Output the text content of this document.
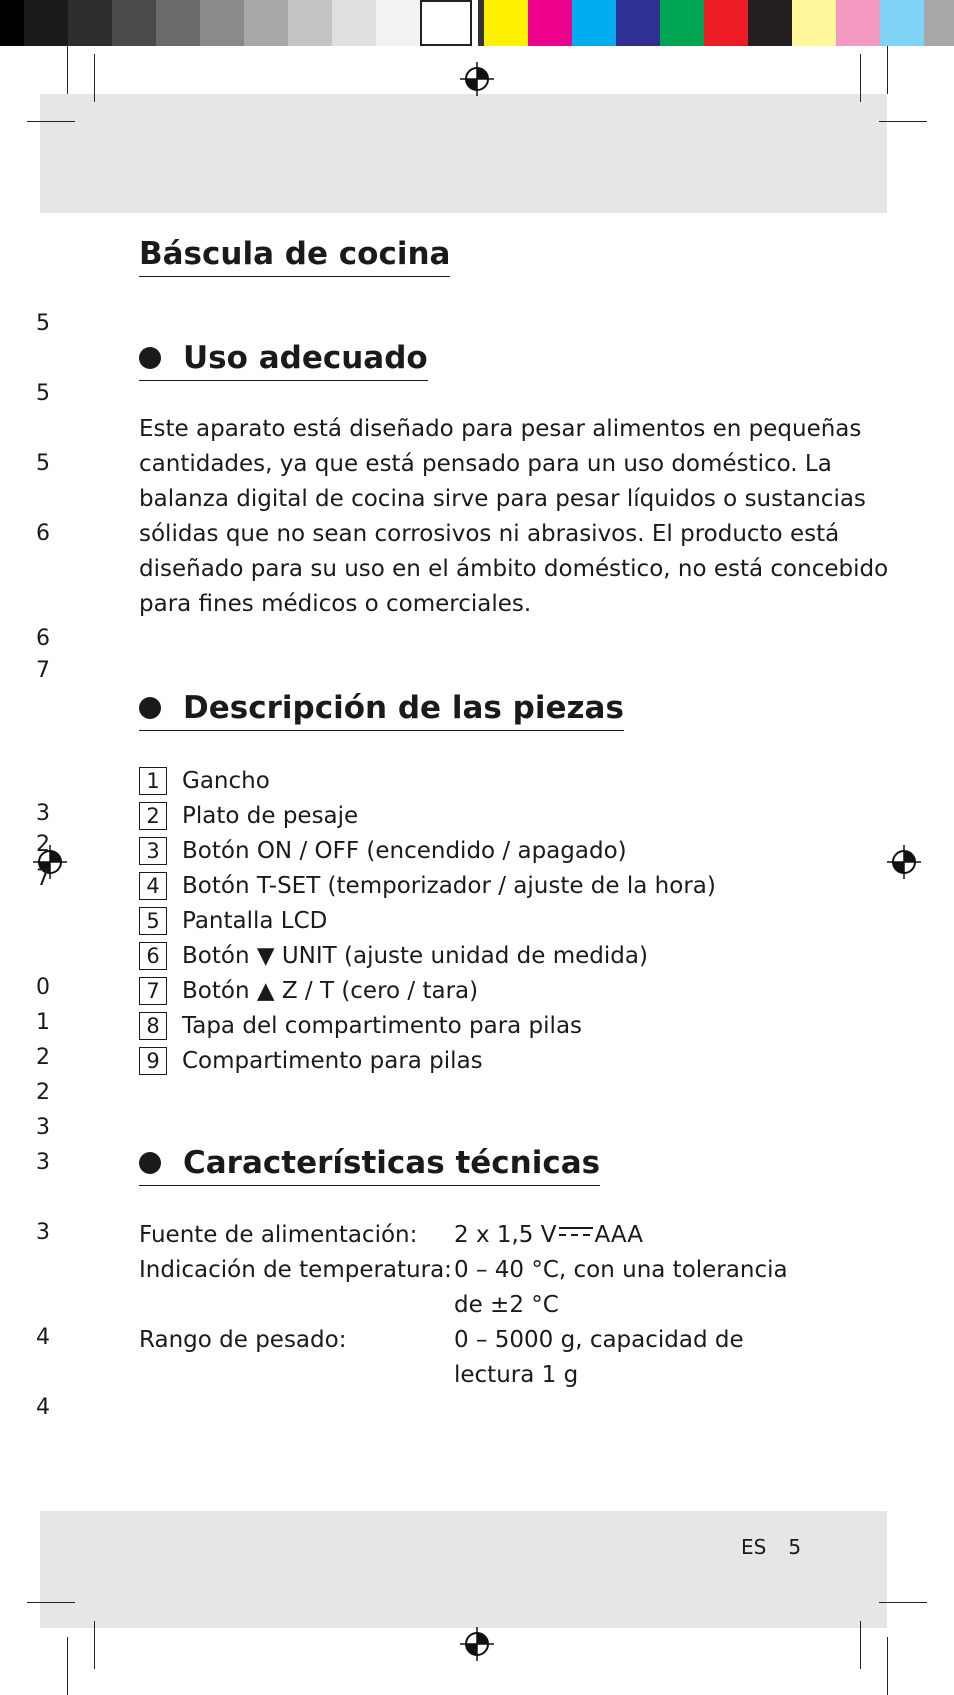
5
5
5
6
6
7
3
2
7
0
1
2
2
3
3
3
4
4
Báscula de cocina
Uso adecuado
Este aparato está diseñado para pesar alimentos en pequeñas
cantidades, ya que está pensado para un uso doméstico. La
balanza digital de cocina sirve para pesar líquidos o sustancias
sólidas que no sean corrosivos ni abrasivos. El producto está
diseñado para su uso en el ámbito doméstico, no está concebido
para fines médicos o comerciales.
Descripción de las piezas
1 Gancho
2 Plato de pesaje
3 Botón ON / OFF (encendido / apagado)
4 Botón T-SET (temporizador / ajuste de la hora)
5 Pantalla LCD
6 Botón ▼ UNIT (ajuste unidad de medida)
7 Botón ▲ Z / T (cero / tara)
8 Tapa del compartimento para pilas
9 Compartimento para pilas
Características técnicas
Fuente de alimentación:	2 x 1,5 V AAA
Indicación de temperatura: 0 – 40 °C, con una tolerancia de ±2 °C
Rango de pesado:	0 – 5000 g, capacidad de lectura 1 g
ES 5
